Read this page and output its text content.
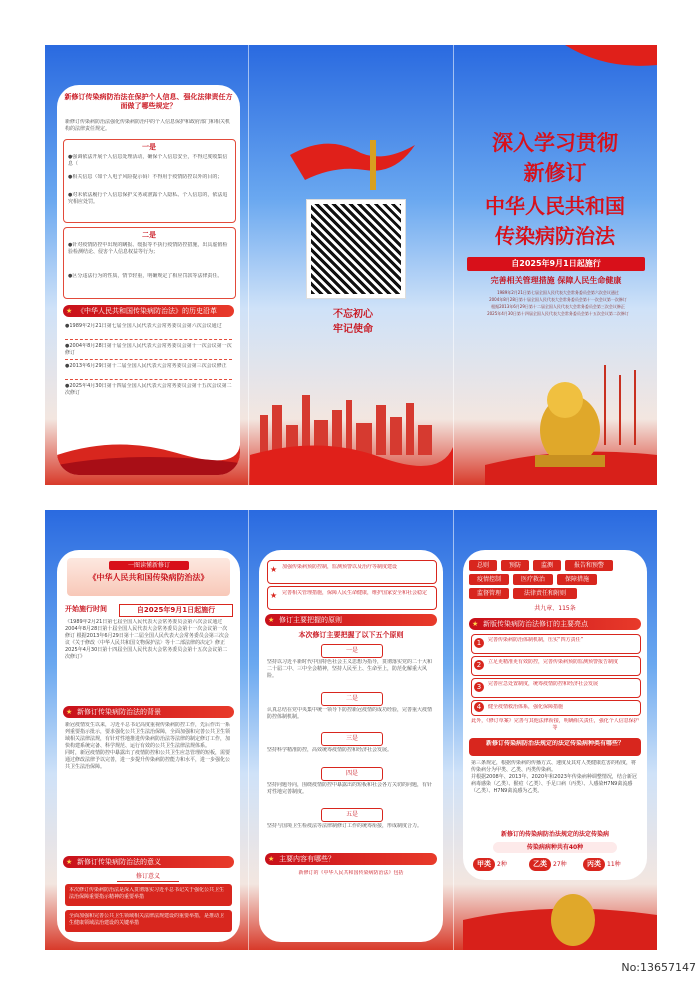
新修订传染病防治法在保护个人信息、强化法律责任方面做了哪些规定？
新修订传染病防治法强化传染病防治中的个人信息保护和政府部门和相关机构的法律责任规定。
一是
●强调依法开展个人信息处理活动，确保个人信息安全，不得过度收集信息（
●相关信息（如个人电子风险提示码）不得用于疫情防控以外的目的；
●对未依法履行个人信息保护义务或泄露个人隐私、个人信息的，依法追究相应处罚。
二是
●针对疫情防控中出现的瞒报、缓报等不执行疫情防控措施，出具虚假检验检测结论、侵害个人信息权益等行为；
●区分违法行为的性质，情节轻重，明确规定了相应罚款等法律责任。
★ 《中华人民共和国传染病防治法》的历史沿革
●1989年2月21日第七届全国人民代表大会常务委员会第六次会议通过
●2004年8月28日第十届全国人民代表大会常务委员会第十一次会议第一次修订
●2013年6月29日第十二届全国人民代表大会常务委员会第三次会议修正
●2025年4月30日第十四届全国人民代表大会常务委员会第十五次会议第二次修订
不忘初心
牢记使命
深入学习贯彻
新修订
中华人民共和国
传染病防治法
自2025年9月1日起施行
完善相关管理措施 保障人民生命健康
1989年2月21日第七届全国人民代表大会常务委员会第六次会议通过
2004年8月28日第十届全国人民代表大会常务委员会第十一次会议第一次修订
根据2013年6月29日第十二届全国人民代表大会常务委员会第三次会议修正
2025年4月30日第十四届全国人民代表大会常务委员会第十五次会议第二次修订
一图读懂新修订
《中华人民共和国传染病防治法》
开始施行时间	自2025年9月1日起施行
《1989年2月21日第七届全国人民代表大会常务委员会第六次会议通过 2004年8月28日第十届全国人民代表大会常务委员会第十一次会议第一次修订 根据2013年6月29日第十二届全国人民代表大会常务委员会第三次会议《关于修改〈中华人民共和国文物保护法〉等十二部法律的决定》修正 2025年4月30日第十四届全国人民代表大会常务委员会第十五次会议第二次修订》
★ 新修订传染病防治法的背景
新冠疫情发生以来，习近平总书记高度重视传染病防控工作，先后作出一系列重要指示批示，要求强化公共卫生法治保障，全面加强和完善公共卫生领域相关法律法规，有针对性地推进传染病防治法等法律的制定修订工作，加快构建系统完备、科学规范、运行有效的公共卫生法律法规体系。
同时，新冠疫情防控中暴露出了疫情防控和公共卫生应急管理的短板，需要通过修改法律予以完善，进一步提升传染病防控能力和水平，进一步强化公共卫生法治保障。
★ 新修订传染病防治法的意义
修订意义
本次修订传染病防治法是深入贯彻落实习近平总书记关于强化公共卫生法治保障重要指示精神的重要举措
全面加强和完善公共卫生领域相关法律法规建设的重要举措，是推动卫生健康领域法治建设的关键举措
加强传染病预防控制，监测预警以及治疗等制度建设
★
完善相关管理措施，保障人民生命健康，维护国家安全和社会稳定
★
★ 修订主要把握的原则
本次修订主要把握了以下五个原则
一是
坚持以习近平新时代中国特色社会主义思想为指导，贯彻落实党的二十大和二十届二中、三中全会精神，坚持人民至上、生命至上，防范化解重大风险。
二是
认真总结在党中央集中统一领导下防控新冠疫情的成功经验，完善重大疫情防控体制机制。
三是
坚持科学精准防控，高效统筹疫情防控和经济社会发展。
四是
坚持问题导向，围绕疫情防控中暴露出的短板和社会各方关切的问题，有针对性地完善制度。
五是
坚持与国境卫生检疫法等法律制修订工作的统筹衔接，形成制度合力。
★ 主要内容有哪些？
新修订的《中华人民共和国传染病防治法》包括
总则	预防	监测	报告和预警
疫情控制	医疗救治	保障措施
监督管理	法律责任和附则
共九章、115条
★ 新版传染病防治法修订的主要亮点
1	完善传染病防治体制机制，压实“四方责任”
2	立足更精准更有效防控，完善传染病预防监测预警报告制度
3	完善应急处置制度，统筹疫情防控和经济社会发展
4	健全疫情救治体系，强化保障措施
此外，《修订草案》完善与其他法律衔接，明确相关责任，强化个人信息保护等
新修订传染病防治法规定的法定传染病种类有哪些？
第三条规定，根据传染病的传播方式、速度及其对人类健康危害的程度，将传染病分为甲类、乙类、丙类传染病。
并根据2008年、2013年、2020年和2023年传染病种调整情况，结合新冠病毒感染（乙类）、猴痘（乙类）、手足口病（丙类）、人感染H7N9禽流感（乙类）、H7N9禽流感为乙类。
新修订的传染病防治法规定的法定传染病
传染病病种共有40种
甲类	2种	乙类	27种	丙类	11种
No:13657147
